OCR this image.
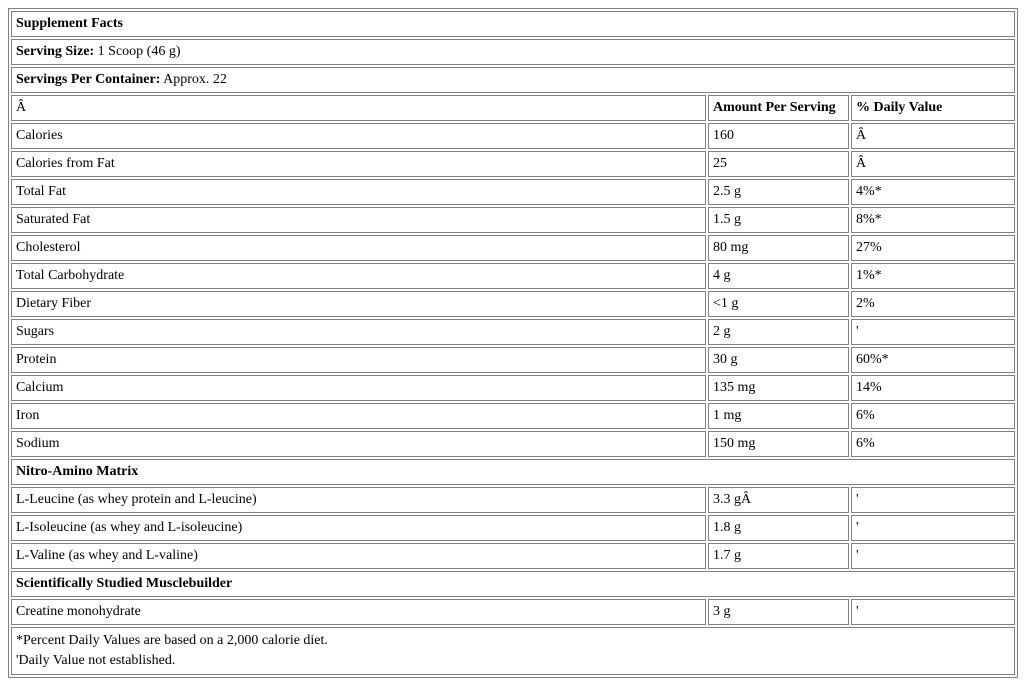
Supplement Facts		
Serving Size: 1 Scoop (46 g)		
Servings Per Container: Approx. 22		
Â	Amount Per Serving	% Daily Value
Calories	160	Â
Calories from Fat	25	Â
Total Fat	2.5 g	4%*
Saturated Fat	1.5 g	8%*
Cholesterol	80 mg	27%
Total Carbohydrate	4 g	1%*
Dietary Fiber	<1 g	2%
Sugars	2 g	'
Protein	30 g	60%*
Calcium	135 mg	14%
Iron	1 mg	6%
Sodium	150 mg	6%
Nitro-Amino Matrix		
L-Leucine (as whey protein and L-leucine)	3.3 gÂ	'
L-Isoleucine (as whey and L-isoleucine)	1.8 g	'
L-Valine (as whey and L-valine)	1.7 g	'
Scientifically Studied Musclebuilder		
Creatine monohydrate	3 g	'

*Percent Daily Values are based on a 2,000 calorie diet.
'Daily Value not established.		
